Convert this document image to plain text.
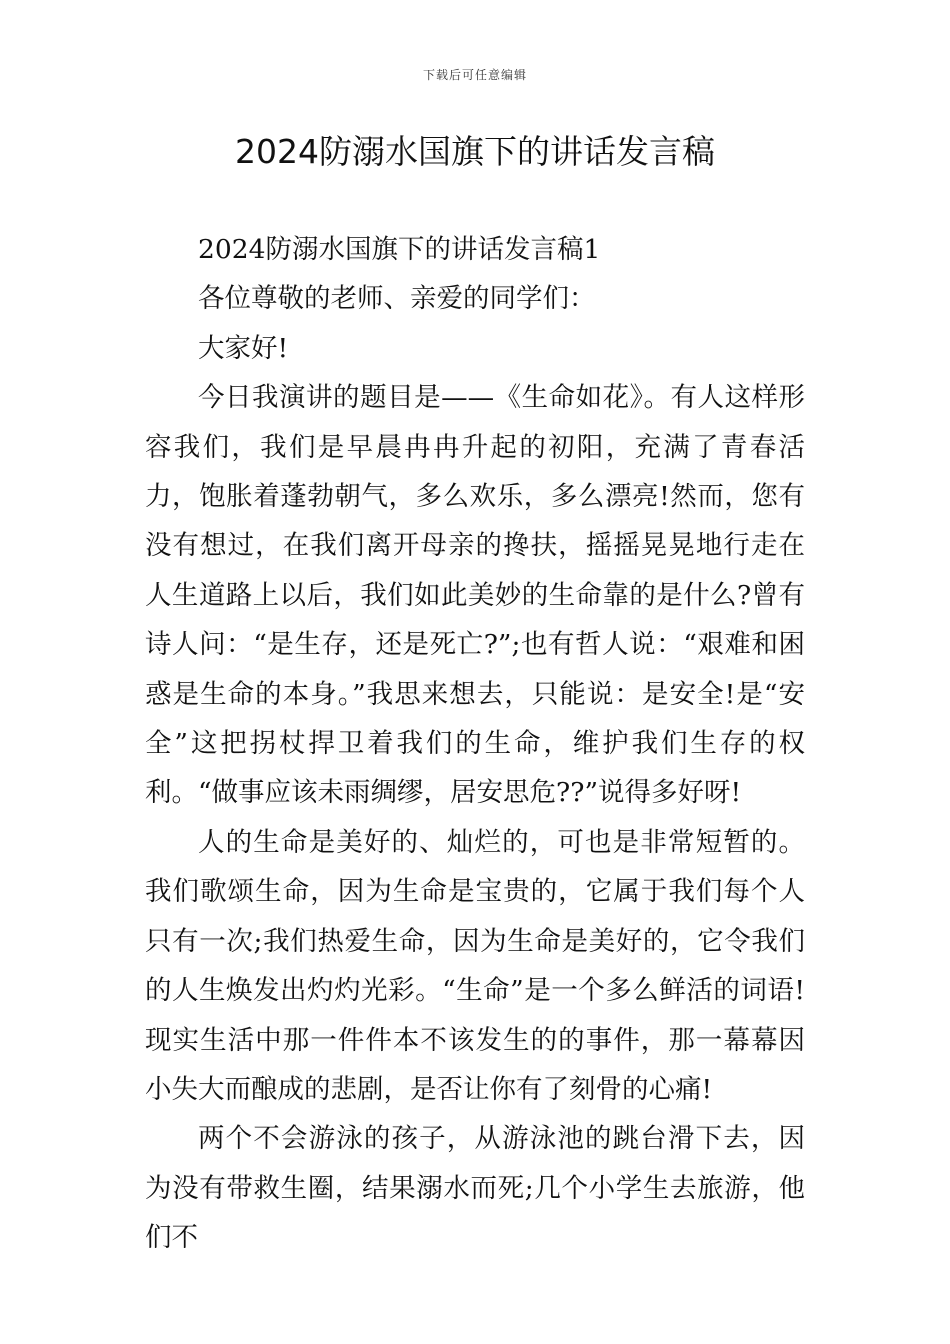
下载后可任意编辑
2024防溺水国旗下的讲话发言稿

2024防溺水国旗下的讲话发言稿1

各位尊敬的老师、亲爱的同学们：

大家好!

今日我演讲的题目是——《生命如花》。有人这样形容我们，我们是早晨冉冉升起的初阳，充满了青春活力，饱胀着蓬勃朝气，多么欢乐，多么漂亮!然而，您有没有想过，在我们离开母亲的搀扶，摇摇晃晃地行走在人生道路上以后，我们如此美妙的生命靠的是什么?曾有诗人问：“是生存，还是死亡?”;也有哲人说：“艰难和困惑是生命的本身。”我思来想去，只能说：是安全!是“安全”这把拐杖捍卫着我们的生命，维护我们生存的权利。“做事应该未雨绸缪，居安思危??”说得多好呀!

人的生命是美好的、灿烂的，可也是非常短暂的。我们歌颂生命，因为生命是宝贵的，它属于我们每个人只有一次;我们热爱生命，因为生命是美好的，它令我们的人生焕发出灼灼光彩。“生命”是一个多么鲜活的词语!现实生活中那一件件本不该发生的的事件，那一幕幕因小失大而酿成的悲剧，是否让你有了刻骨的心痛!

两个不会游泳的孩子，从游泳池的跳台滑下去，因为没有带救生圈，结果溺水而死;几个小学生去旅游，他们不
